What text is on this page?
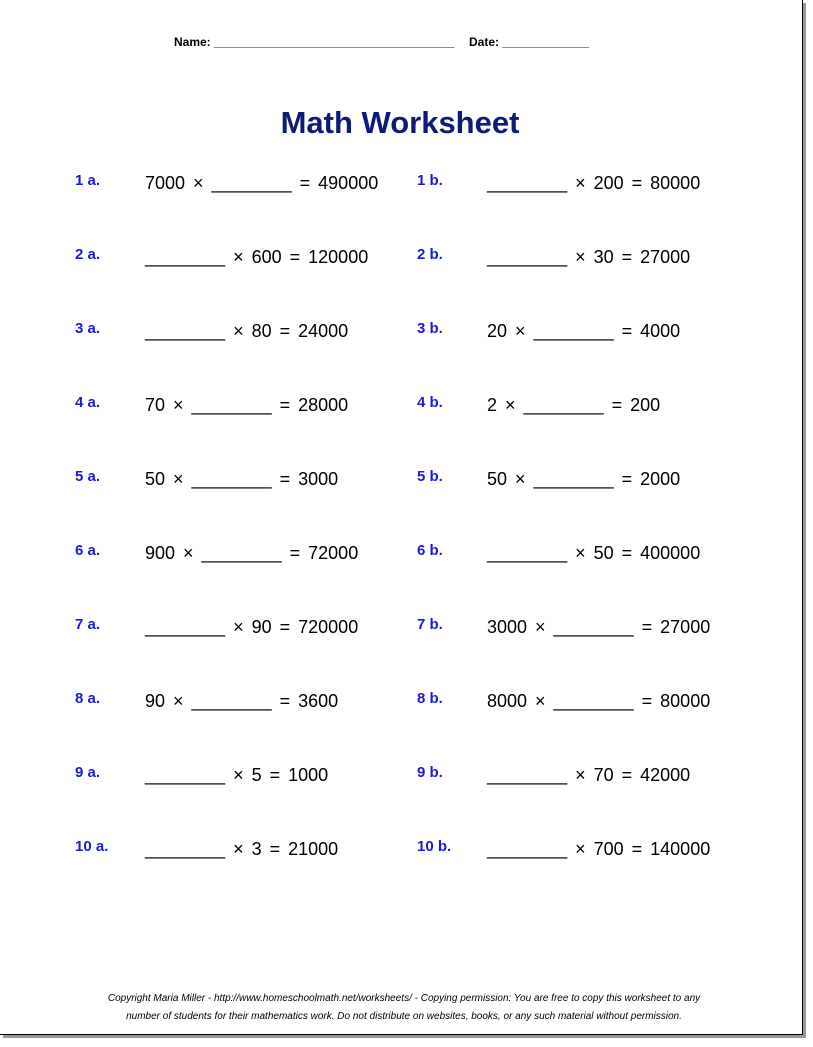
Name: ____________________________________ Date: _____________
Math Worksheet
1 a. 7000 × ________ = 490000
2 a. ________ × 600 = 120000
3 a. ________ × 80 = 24000
4 a. 70 × ________ = 28000
5 a. 50 × ________ = 3000
6 a. 900 × ________ = 72000
7 a. ________ × 90 = 720000
8 a. 90 × ________ = 3600
9 a. ________ × 5 = 1000
10 a. ________ × 3 = 21000
1 b. ________ × 200 = 80000
2 b. ________ × 30 = 27000
3 b. 20 × ________ = 4000
4 b. 2 × ________ = 200
5 b. 50 × ________ = 2000
6 b. ________ × 50 = 400000
7 b. 3000 × ________ = 27000
8 b. 8000 × ________ = 80000
9 b. ________ × 70 = 42000
10 b. ________ × 700 = 140000
Copyright Maria Miller - http://www.homeschoolmath.net/worksheets/ - Copying permission: You are free to copy this worksheet to any
number of students for their mathematics work. Do not distribute on websites, books, or any such material without permission.
